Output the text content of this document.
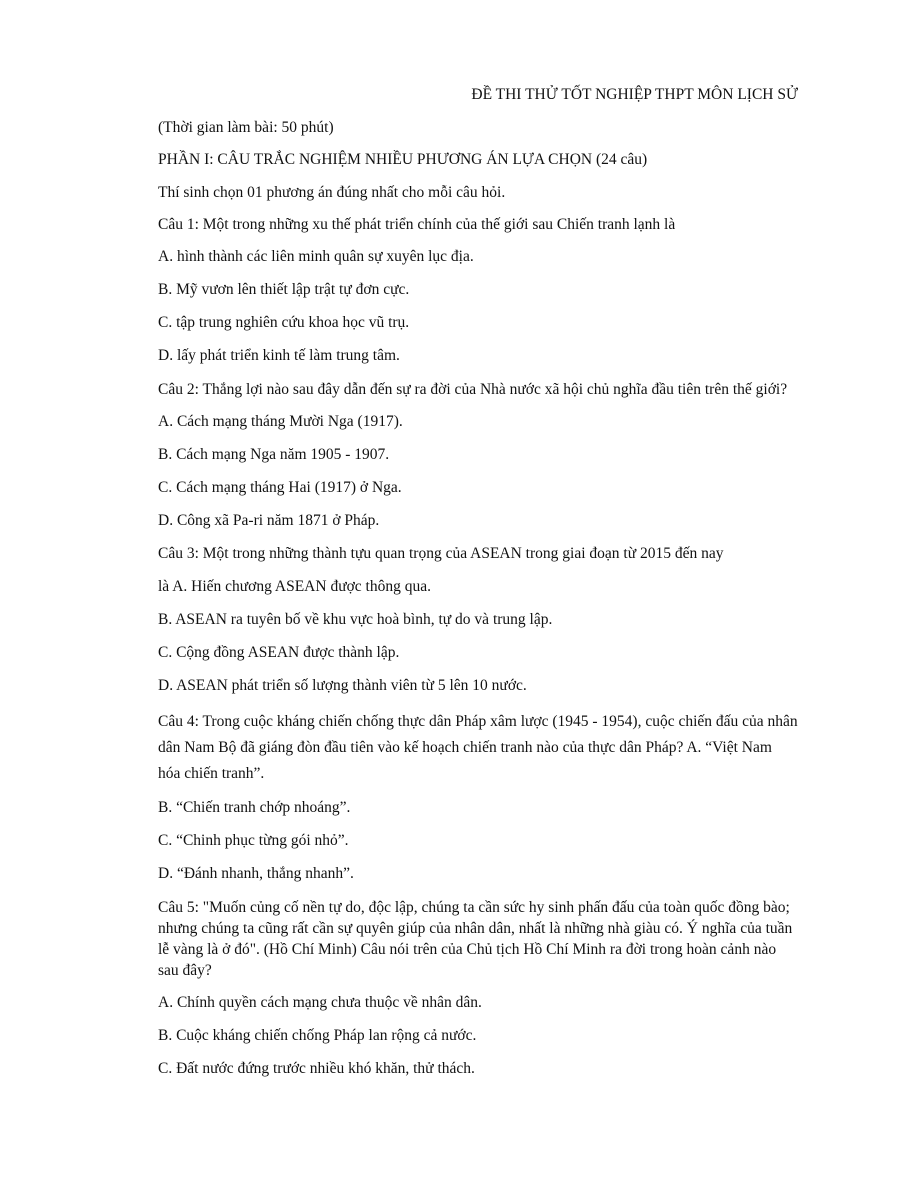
ĐỀ THI THỬ TỐT NGHIỆP THPT MÔN LỊCH SỬ

(Thời gian làm bài: 50 phút)

PHẦN I: CÂU TRẮC NGHIỆM NHIỀU PHƯƠNG ÁN LỰA CHỌN (24 câu)

Thí sinh chọn 01 phương án đúng nhất cho mỗi câu hỏi.

Câu 1: Một trong những xu thế phát triển chính của thế giới sau Chiến tranh lạnh là

A. hình thành các liên minh quân sự xuyên lục địa.

B. Mỹ vươn lên thiết lập trật tự đơn cực.

C. tập trung nghiên cứu khoa học vũ trụ.

D. lấy phát triển kinh tế làm trung tâm.

Câu 2: Thắng lợi nào sau đây dẫn đến sự ra đời của Nhà nước xã hội chủ nghĩa đầu tiên trên thế giới?

A. Cách mạng tháng Mười Nga (1917).

B. Cách mạng Nga năm 1905 - 1907.

C. Cách mạng tháng Hai (1917) ở Nga.

D. Công xã Pa-ri năm 1871 ở Pháp.

Câu 3: Một trong những thành tựu quan trọng của ASEAN trong giai đoạn từ 2015 đến nay

là A. Hiến chương ASEAN được thông qua.

B. ASEAN ra tuyên bố về khu vực hoà bình, tự do và trung lập.

C. Cộng đồng ASEAN được thành lập.

D. ASEAN phát triển số lượng thành viên từ 5 lên 10 nước.

Câu 4: Trong cuộc kháng chiến chống thực dân Pháp xâm lược (1945 - 1954), cuộc chiến đấu của nhân dân Nam Bộ đã giáng đòn đầu tiên vào kế hoạch chiến tranh nào của thực dân Pháp? A. “Việt Nam hóa chiến tranh”.

B. “Chiến tranh chớp nhoáng”.

C. “Chinh phục từng gói nhỏ”.

D. “Đánh nhanh, thắng nhanh”.

Câu 5: "Muốn củng cố nền tự do, độc lập, chúng ta cần sức hy sinh phấn đấu của toàn quốc đồng bào; nhưng chúng ta cũng rất cần sự quyên giúp của nhân dân, nhất là những nhà giàu có. Ý nghĩa của tuần lễ vàng là ở đó". (Hồ Chí Minh) Câu nói trên của Chủ tịch Hồ Chí Minh ra đời trong hoàn cảnh nào sau đây?

A. Chính quyền cách mạng chưa thuộc về nhân dân.

B. Cuộc kháng chiến chống Pháp lan rộng cả nước.

C. Đất nước đứng trước nhiều khó khăn, thử thách.
